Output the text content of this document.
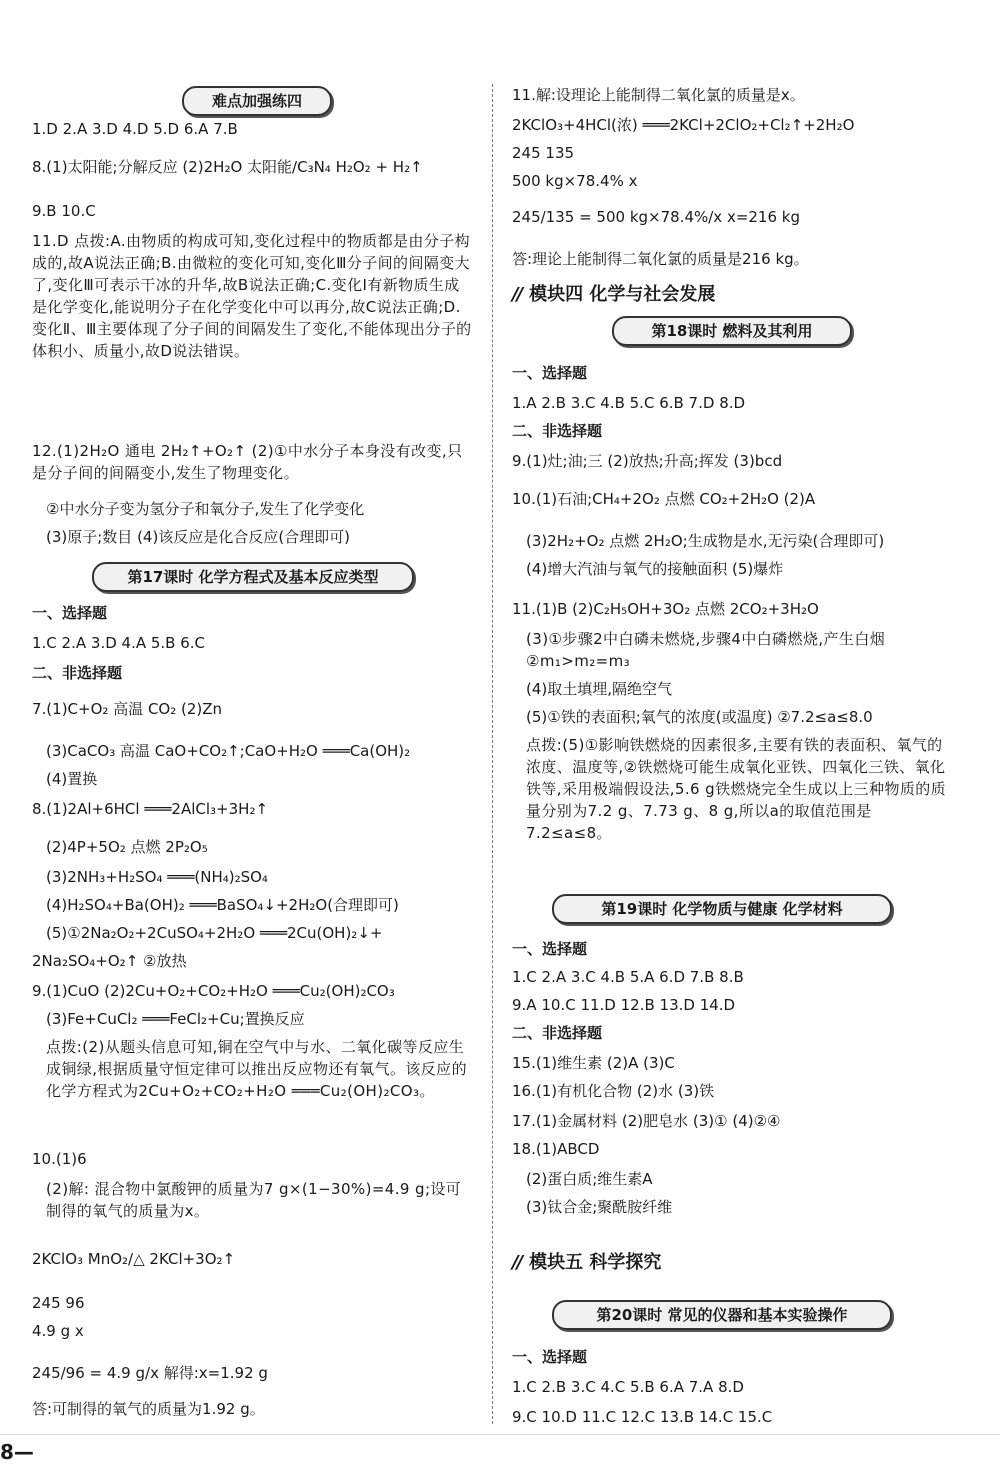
难点加强练四
1.D 2.A 3.D 4.D 5.D 6.A 7.B
8.(1)太阳能;分解反应 (2)2H₂O 太阳能/C₃N₄ H₂O₂ + H₂↑
9.B 10.C
11.D 点拨:A.由物质的构成可知,变化过程中的物质都是由分子构成的,故A说法正确;B.由微粒的变化可知,变化Ⅲ分子间的间隔变大了,变化Ⅲ可表示干冰的升华,故B说法正确;C.变化Ⅰ有新物质生成是化学变化,能说明分子在化学变化中可以再分,故C说法正确;D.变化Ⅱ、Ⅲ主要体现了分子间的间隔发生了变化,不能体现出分子的体积小、质量小,故D说法错误。
12.(1)2H₂O 通电 2H₂↑+O₂↑ (2)①中水分子本身没有改变,只是分子间的间隔变小,发生了物理变化。
②中水分子变为氢分子和氧分子,发生了化学变化
(3)原子;数目 (4)该反应是化合反应(合理即可)
第17课时 化学方程式及基本反应类型
一、选择题
1.C 2.A 3.D 4.A 5.B 6.C
二、非选择题
7.(1)C+O₂ 高温 CO₂ (2)Zn
(3)CaCO₃ 高温 CaO+CO₂↑;CaO+H₂O ═══Ca(OH)₂
(4)置换
8.(1)2Al+6HCl ═══2AlCl₃+3H₂↑
(2)4P+5O₂ 点燃 2P₂O₅
(3)2NH₃+H₂SO₄ ═══(NH₄)₂SO₄
(4)H₂SO₄+Ba(OH)₂ ═══BaSO₄↓+2H₂O(合理即可)
(5)①2Na₂O₂+2CuSO₄+2H₂O ═══2Cu(OH)₂↓+
2Na₂SO₄+O₂↑ ②放热
9.(1)CuO (2)2Cu+O₂+CO₂+H₂O ═══Cu₂(OH)₂CO₃
(3)Fe+CuCl₂ ═══FeCl₂+Cu;置换反应
点拨:(2)从题头信息可知,铜在空气中与水、二氧化碳等反应生成铜绿,根据质量守恒定律可以推出反应物还有氧气。该反应的化学方程式为2Cu+O₂+CO₂+H₂O ═══Cu₂(OH)₂CO₃。
10.(1)6
(2)解: 混合物中氯酸钾的质量为7 g×(1−30%)=4.9 g;设可制得的氧气的质量为x。
2KClO₃ MnO₂/△ 2KCl+3O₂↑
245 96
4.9 g x
245/96 = 4.9 g/x 解得:x=1.92 g
答:可制得的氧气的质量为1.92 g。
11.解:设理论上能制得二氧化氯的质量是x。
2KClO₃+4HCl(浓) ═══2KCl+2ClO₂+Cl₂↑+2H₂O
245 135
500 kg×78.4% x
245/135 = 500 kg×78.4%/x x=216 kg
答:理论上能制得二氧化氯的质量是216 kg。
// 模块四 化学与社会发展
第18课时 燃料及其利用
一、选择题
1.A 2.B 3.C 4.B 5.C 6.B 7.D 8.D
二、非选择题
9.(1)灶;油;三 (2)放热;升高;挥发 (3)bcd
10.(1)石油;CH₄+2O₂ 点燃 CO₂+2H₂O (2)A
(3)2H₂+O₂ 点燃 2H₂O;生成物是水,无污染(合理即可)
(4)增大汽油与氧气的接触面积 (5)爆炸
11.(1)B (2)C₂H₅OH+3O₂ 点燃 2CO₂+3H₂O
(3)①步骤2中白磷未燃烧,步骤4中白磷燃烧,产生白烟 ②m₁>m₂=m₃
(4)取土填埋,隔绝空气
(5)①铁的表面积;氧气的浓度(或温度) ②7.2≤a≤8.0
点拨:(5)①影响铁燃烧的因素很多,主要有铁的表面积、氧气的浓度、温度等,②铁燃烧可能生成氧化亚铁、四氧化三铁、氧化铁等,采用极端假设法,5.6 g铁燃烧完全生成以上三种物质的质量分别为7.2 g、7.73 g、8 g,所以a的取值范围是7.2≤a≤8。
第19课时 化学物质与健康 化学材料
一、选择题
1.C 2.A 3.C 4.B 5.A 6.D 7.B 8.B
9.A 10.C 11.D 12.B 13.D 14.D
二、非选择题
15.(1)维生素 (2)A (3)C
16.(1)有机化合物 (2)水 (3)铁
17.(1)金属材料 (2)肥皂水 (3)① (4)②④
18.(1)ABCD
(2)蛋白质;维生素A
(3)钛合金;聚酰胺纤维
// 模块五 科学探究
第20课时 常见的仪器和基本实验操作
一、选择题
1.C 2.B 3.C 4.C 5.B 6.A 7.A 8.D
9.C 10.D 11.C 12.C 13.B 14.C 15.C
8—
